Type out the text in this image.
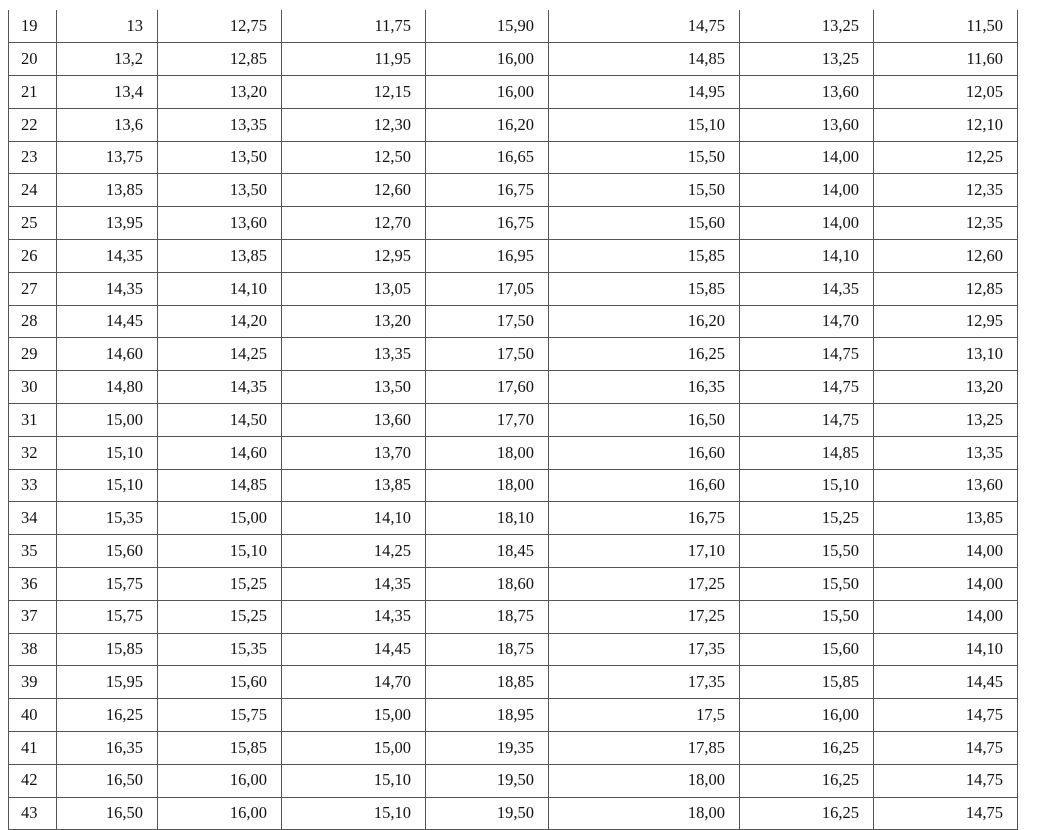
19	13	12,75	11,75	15,90	14,75	13,25	11,50
20	13,2	12,85	11,95	16,00	14,85	13,25	11,60
21	13,4	13,20	12,15	16,00	14,95	13,60	12,05
22	13,6	13,35	12,30	16,20	15,10	13,60	12,10
23	13,75	13,50	12,50	16,65	15,50	14,00	12,25
24	13,85	13,50	12,60	16,75	15,50	14,00	12,35
25	13,95	13,60	12,70	16,75	15,60	14,00	12,35
26	14,35	13,85	12,95	16,95	15,85	14,10	12,60
27	14,35	14,10	13,05	17,05	15,85	14,35	12,85
28	14,45	14,20	13,20	17,50	16,20	14,70	12,95
29	14,60	14,25	13,35	17,50	16,25	14,75	13,10
30	14,80	14,35	13,50	17,60	16,35	14,75	13,20
31	15,00	14,50	13,60	17,70	16,50	14,75	13,25
32	15,10	14,60	13,70	18,00	16,60	14,85	13,35
33	15,10	14,85	13,85	18,00	16,60	15,10	13,60
34	15,35	15,00	14,10	18,10	16,75	15,25	13,85
35	15,60	15,10	14,25	18,45	17,10	15,50	14,00
36	15,75	15,25	14,35	18,60	17,25	15,50	14,00
37	15,75	15,25	14,35	18,75	17,25	15,50	14,00
38	15,85	15,35	14,45	18,75	17,35	15,60	14,10
39	15,95	15,60	14,70	18,85	17,35	15,85	14,45
40	16,25	15,75	15,00	18,95	17,5	16,00	14,75
41	16,35	15,85	15,00	19,35	17,85	16,25	14,75
42	16,50	16,00	15,10	19,50	18,00	16,25	14,75
43	16,50	16,00	15,10	19,50	18,00	16,25	14,75
